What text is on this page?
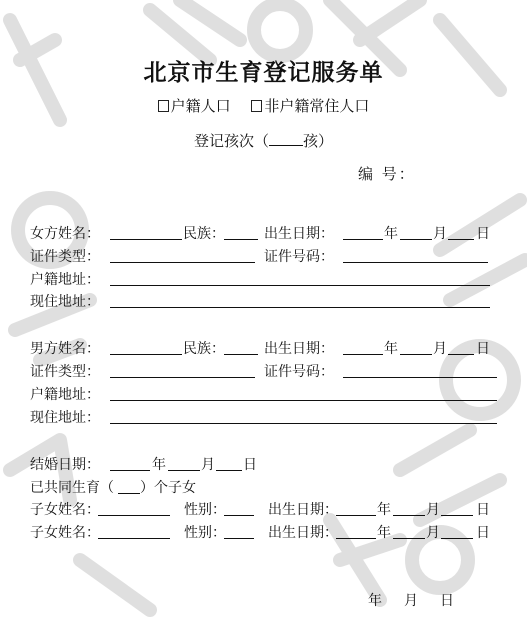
北京市生育登记服务单
户籍人口 非户籍常住人口
登记孩次（ 孩）
编 号：
女方姓名：	民族：	出生日期：	年	月 日
证件类型：	证件号码：
户籍地址：
现住地址：
男方姓名：	民族：	出生日期：	年	月 日
证件类型：	证件号码：
户籍地址：
现住地址：
结婚日期：	年	月 日
已共同生育（ ）个子女
子女姓名：	性别：	出生日期：	年	月	日
子女姓名：	性别：	出生日期：	年	月	日
年 月 日
